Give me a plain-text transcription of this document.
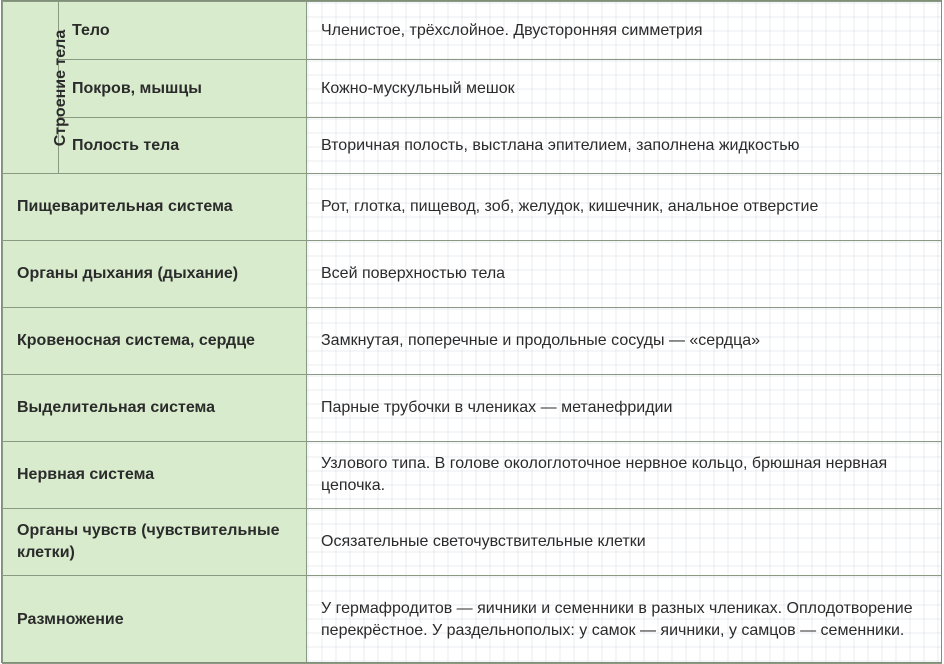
Строение тела	Тело	Членистое, трёхслойное. Двусторонняя симметрия
	Покров, мышцы	Кожно-мускульный мешок
	Полость тела	Вторичная полость, выстлана эпителием, заполнена жидкостью
Пищеварительная система		Рот, глотка, пищевод, зоб, желудок, кишечник, анальное отверстие
Органы дыхания (дыхание)		Всей поверхностью тела
Кровеносная система, сердце		Замкнутая, поперечные и продольные сосуды — «сердца»
Выделительная система		Парные трубочки в члениках — метанефридии
Нервная система		Узлового типа. В голове окологлоточное нервное кольцо, брюшная нервная цепочка.
Органы чувств (чувствительные клетки)		Осязательные светочувствительные клетки
Размножение		У гермафродитов — яичники и семенники в разных члениках. Оплодотворение перекрёстное. У раздельнополых: у самок — яичники, у самцов — семенники.
